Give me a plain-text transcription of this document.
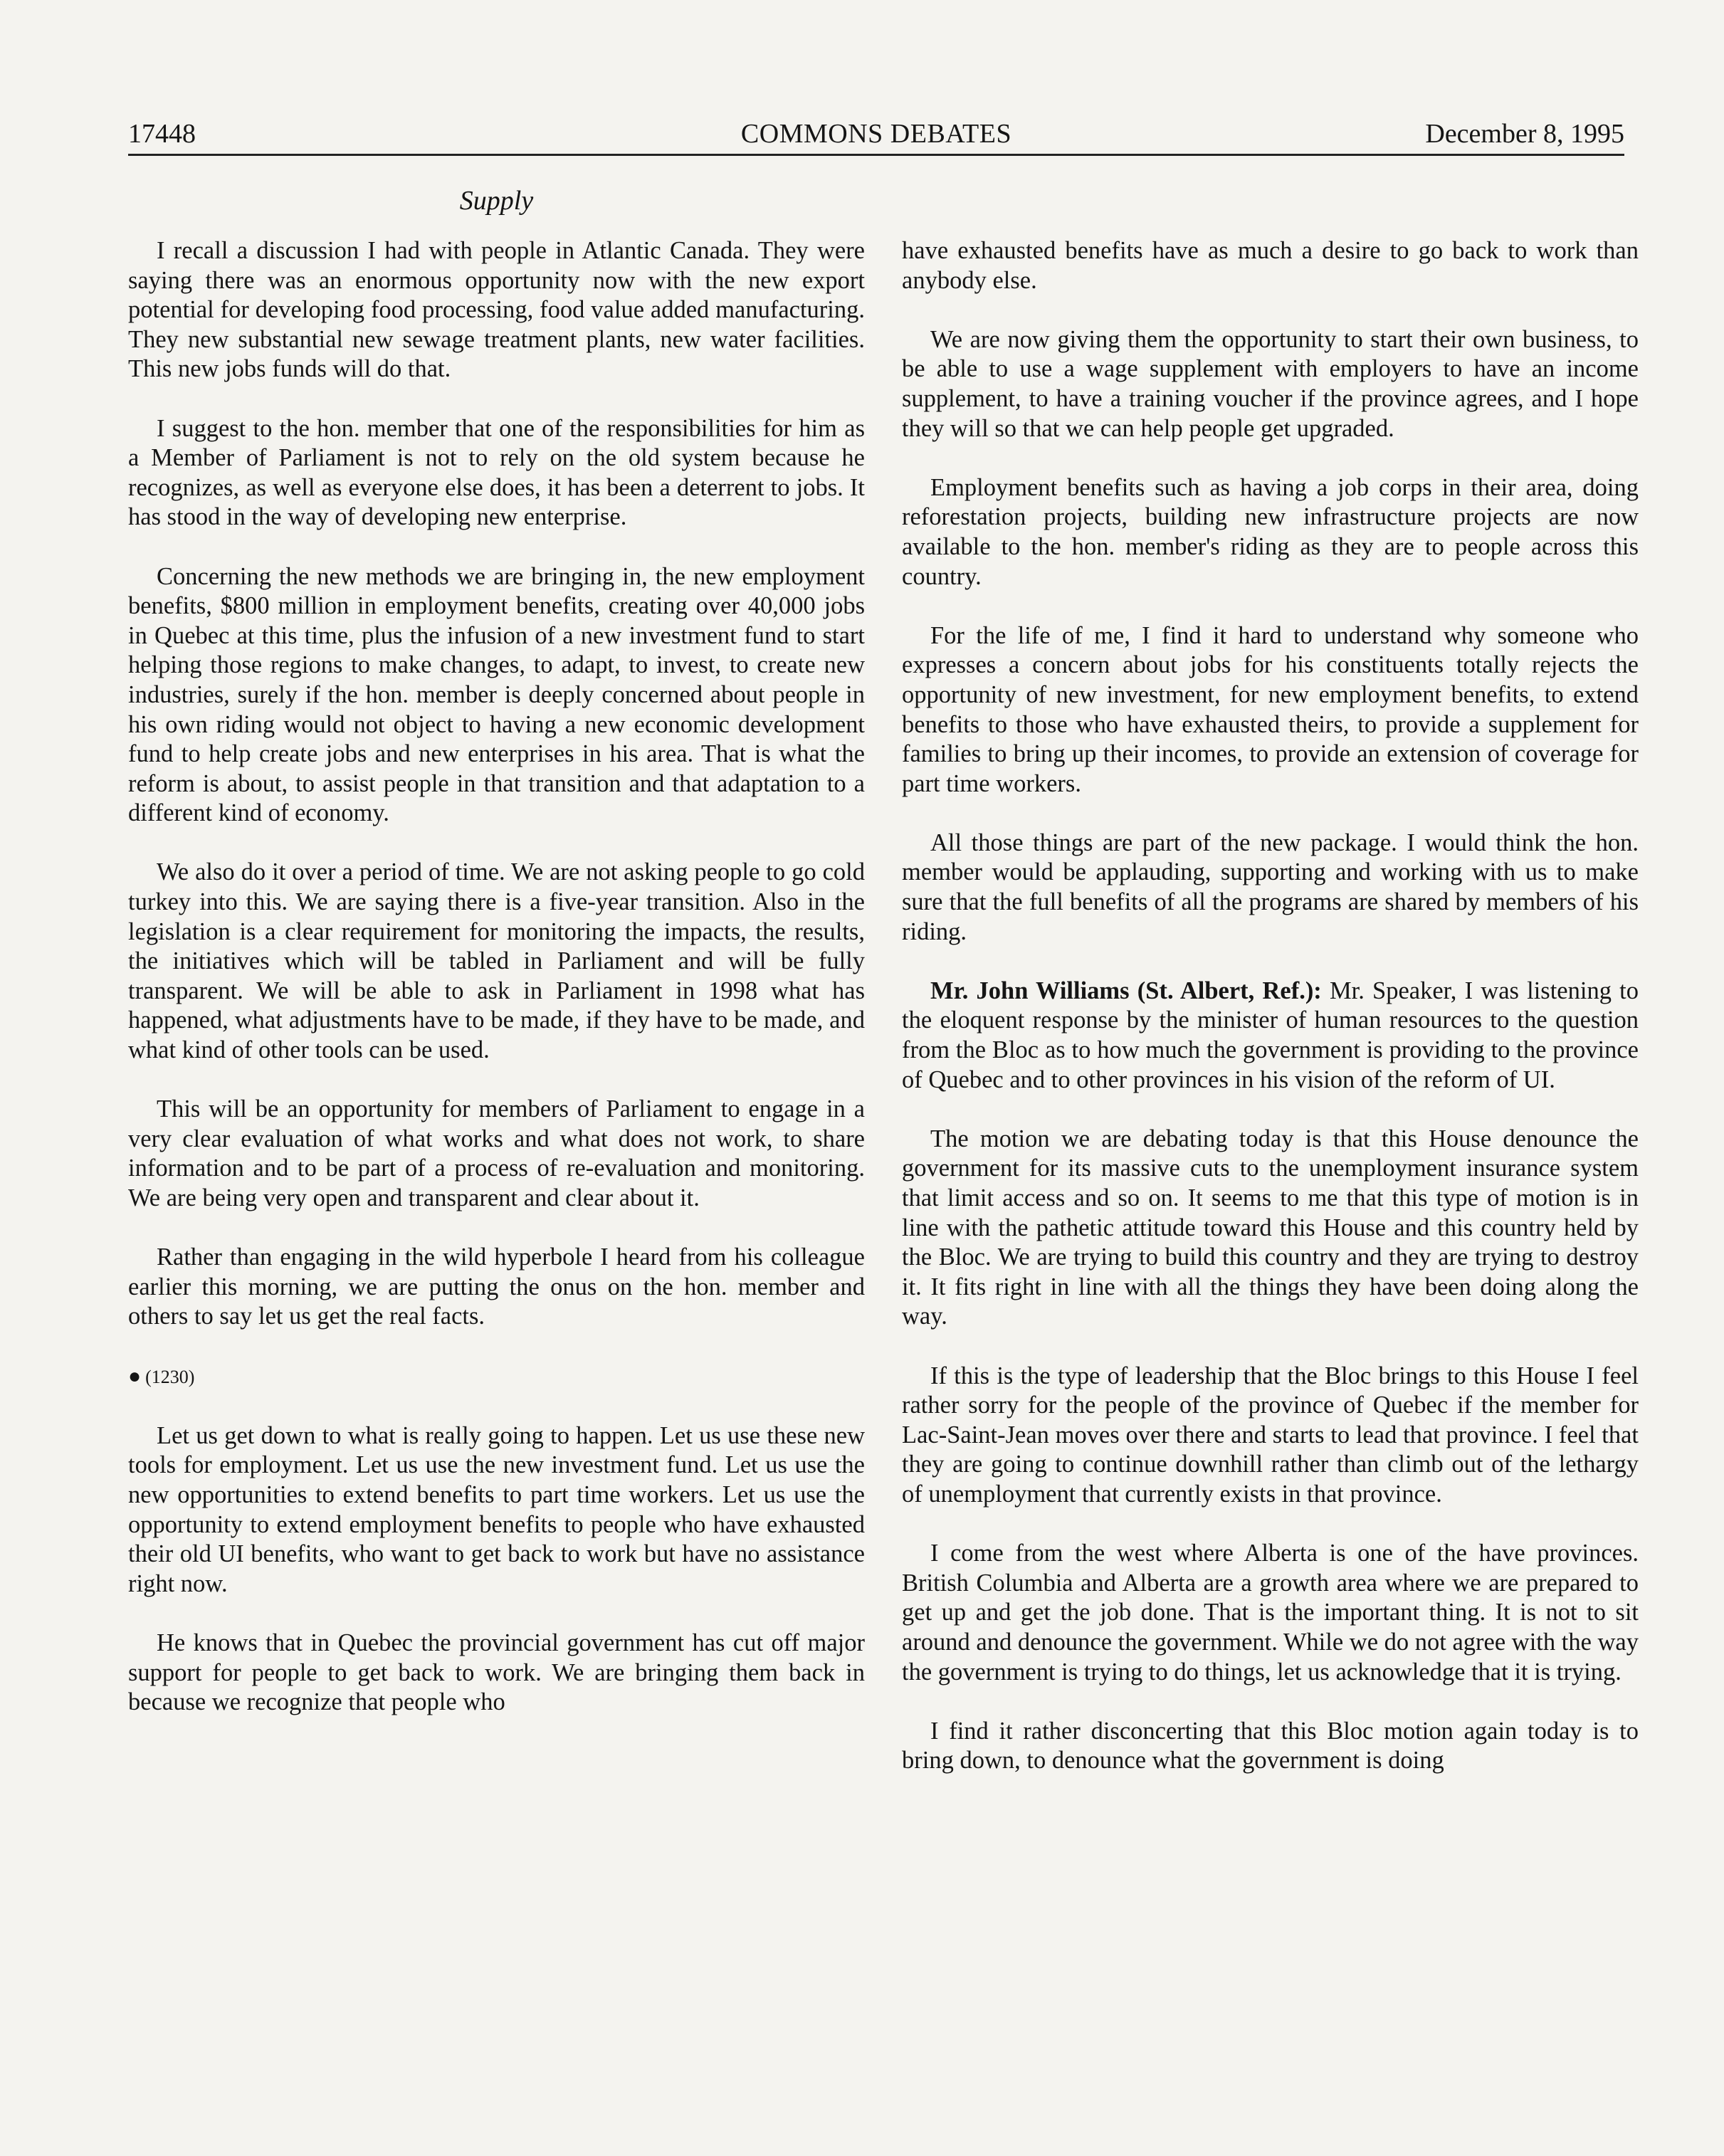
17448	COMMONS DEBATES	December 8, 1995
Supply

I recall a discussion I had with people in Atlantic Canada. They were saying there was an enormous opportunity now with the new export potential for developing food processing, food value added manufacturing. They new substantial new sewage treatment plants, new water facilities. This new jobs funds will do that.

I suggest to the hon. member that one of the responsibilities for him as a Member of Parliament is not to rely on the old system because he recognizes, as well as everyone else does, it has been a deterrent to jobs. It has stood in the way of developing new enterprise.

Concerning the new methods we are bringing in, the new employment benefits, $800 million in employment benefits, creating over 40,000 jobs in Quebec at this time, plus the infusion of a new investment fund to start helping those regions to make changes, to adapt, to invest, to create new industries, surely if the hon. member is deeply concerned about people in his own riding would not object to having a new economic development fund to help create jobs and new enterprises in his area. That is what the reform is about, to assist people in that transition and that adaptation to a different kind of economy.

We also do it over a period of time. We are not asking people to go cold turkey into this. We are saying there is a five-year transition. Also in the legislation is a clear requirement for monitoring the impacts, the results, the initiatives which will be tabled in Parliament and will be fully transparent. We will be able to ask in Parliament in 1998 what has happened, what adjustments have to be made, if they have to be made, and what kind of other tools can be used.

This will be an opportunity for members of Parliament to engage in a very clear evaluation of what works and what does not work, to share information and to be part of a process of re-evaluation and monitoring. We are being very open and transparent and clear about it.

Rather than engaging in the wild hyperbole I heard from his colleague earlier this morning, we are putting the onus on the hon. member and others to say let us get the real facts.

● (1230)

Let us get down to what is really going to happen. Let us use these new tools for employment. Let us use the new investment fund. Let us use the new opportunities to extend benefits to part time workers. Let us use the opportunity to extend employment benefits to people who have exhausted their old UI benefits, who want to get back to work but have no assistance right now.

He knows that in Quebec the provincial government has cut off major support for people to get back to work. We are bringing them back in because we recognize that people who

have exhausted benefits have as much a desire to go back to work than anybody else.

We are now giving them the opportunity to start their own business, to be able to use a wage supplement with employers to have an income supplement, to have a training voucher if the province agrees, and I hope they will so that we can help people get upgraded.

Employment benefits such as having a job corps in their area, doing reforestation projects, building new infrastructure projects are now available to the hon. member's riding as they are to people across this country.

For the life of me, I find it hard to understand why someone who expresses a concern about jobs for his constituents totally rejects the opportunity of new investment, for new employment benefits, to extend benefits to those who have exhausted theirs, to provide a supplement for families to bring up their incomes, to provide an extension of coverage for part time workers.

All those things are part of the new package. I would think the hon. member would be applauding, supporting and working with us to make sure that the full benefits of all the programs are shared by members of his riding.

Mr. John Williams (St. Albert, Ref.): Mr. Speaker, I was listening to the eloquent response by the minister of human resources to the question from the Bloc as to how much the government is providing to the province of Quebec and to other provinces in his vision of the reform of UI.

The motion we are debating today is that this House denounce the government for its massive cuts to the unemployment insurance system that limit access and so on. It seems to me that this type of motion is in line with the pathetic attitude toward this House and this country held by the Bloc. We are trying to build this country and they are trying to destroy it. It fits right in line with all the things they have been doing along the way.

If this is the type of leadership that the Bloc brings to this House I feel rather sorry for the people of the province of Quebec if the member for Lac-Saint-Jean moves over there and starts to lead that province. I feel that they are going to continue downhill rather than climb out of the lethargy of unemployment that currently exists in that province.

I come from the west where Alberta is one of the have provinces. British Columbia and Alberta are a growth area where we are prepared to get up and get the job done. That is the important thing. It is not to sit around and denounce the government. While we do not agree with the way the government is trying to do things, let us acknowledge that it is trying.

I find it rather disconcerting that this Bloc motion again today is to bring down, to denounce what the government is doing
